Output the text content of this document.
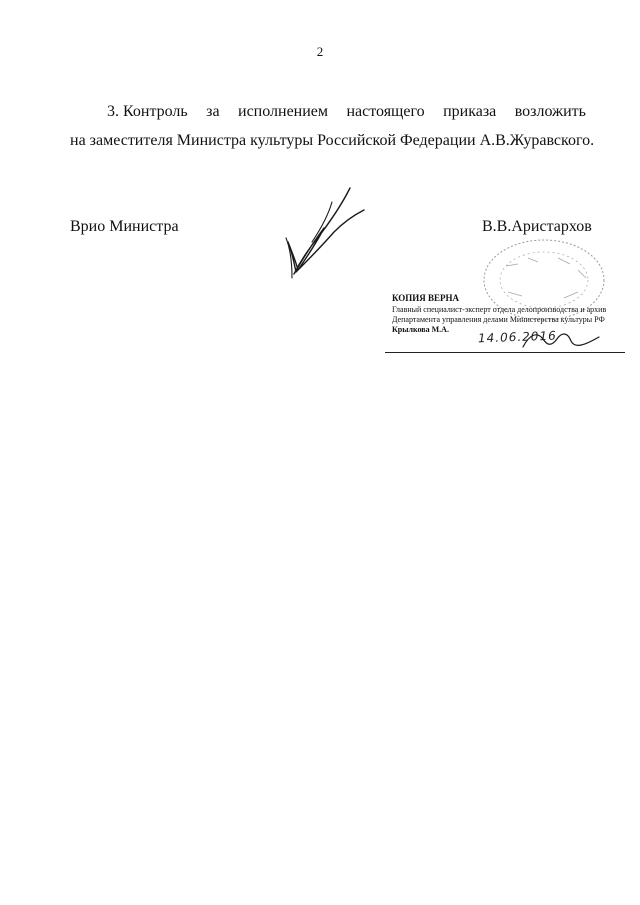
2
3. Контроль за исполнением настоящего приказа возложить
на заместителя Министра культуры Российской Федерации А.В.Журавского.
Врио Министра	В.В.Аристархов
КОПИЯ ВЕРНА
Главный специалист-эксперт отдела делопроизводства и архив
Департамента управления делами Министерства культуры РФ
Крылкова М.А.	14.06.2016
